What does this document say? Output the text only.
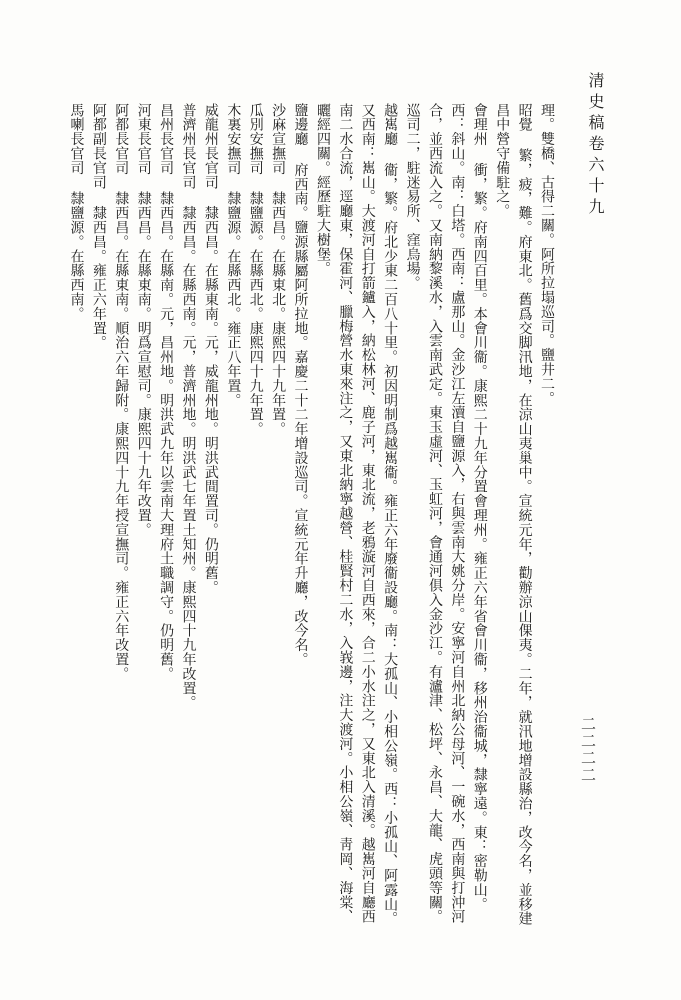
清史稿卷六十九
二二二二

理。雙橋、古得二關。阿所拉塌巡司。鹽井二。

昭覺 繁，疲，難。府東北。舊爲交脚汛地，在涼山夷巢中。宣統元年，勸辦涼山倮夷。二年，就汛地增設縣治，改今名，並移建昌中營守備駐之。

會理州 衝，繁。府南四百里。本會川衞。康熙二十九年分置會理州。雍正六年省會川衞，移州治衞城，隸寧遠。東：密勒山。西：斜山。南：白塔。西南：盧那山。金沙江左瀆自鹽源入，右與雲南大姚分岸。安寧河自州北納公母河、一碗水，西南與打沖河合，並西流入之。又南納黎溪水，入雲南武定。東玉虛河、玉虹河，會通河俱入金沙江。有瀘津、松坪、永昌、大龍、虎頭等關。巡司二，駐迷易所、窪烏場。

越嶲廳 衞，繁。府北少東二百八十里。初因明制爲越嶲衞。雍正六年廢衞設廳。南：大孤山、小相公嶺。西：小孤山、阿露山。又西南：嶲山。大渡河自打箭鑪入，納松林河、鹿子河，東北流，老鴉漩河自西來，合二小水注之，又東北入清溪。越嶲河自廳西南二水合流，逕廳東，保霍河、臘梅營水東來注之，又東北納寧越營、桂賢村二水，入峩邊，注大渡河。小相公嶺、靑岡、海棠、曬經四關。經歷駐大樹堡。

鹽邊廳 府西南。鹽源縣屬阿所拉地。嘉慶二十二年增設巡司。宣統元年升廳，改今名。

沙麻宣撫司 隸西昌。在縣東北。康熙四十九年置。

瓜別安撫司 隸鹽源。在縣西北。康熙四十九年置。

木裏安撫司 隸鹽源。在縣西北。雍正八年置。

威龍州長官司 隸西昌。在縣東南。元，威龍州地。明洪武間置司。仍明舊。

普濟州長官司 隸西昌。在縣西南。元，普濟州地。明洪武七年置土知州。康熙四十九年改置。

昌州長官司 隸西昌。在縣南。元，昌州地。明洪武九年以雲南大理府土職調守。仍明舊。

河東長官司 隸西昌。在縣東南。明爲宣慰司。康熙四十九年改置。

阿都長官司 隸西昌。在縣東南。順治六年歸附。康熙四十九年授宣撫司。雍正六年改置。

阿都副長官司 隸西昌。雍正六年置。

馬喇長官司 隸鹽源。在縣西南。
